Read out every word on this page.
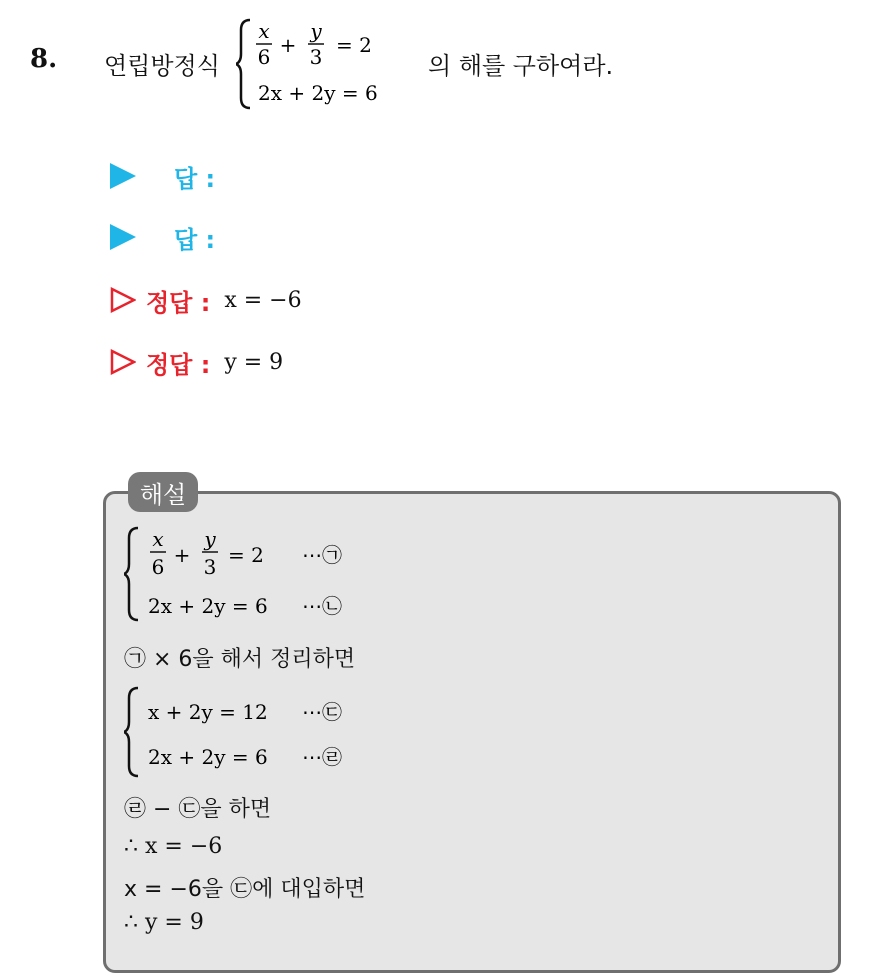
8. 연립방정식
x
6 +
y
3 = 2
2x + 2y = 6
의 해를 구하여라.
답 :
답 :
정답 : x = −6
정답 : y = 9
해설
x
6 +
y
3 = 2 ⋯㉠
2x + 2y = 6 ⋯㉡
㉠ × 6을 해서 정리하면
x + 2y = 12 ⋯㉢
2x + 2y = 6 ⋯㉣
㉣ − ㉢을 하면
∴ x = −6
x = −6을 ㉢에 대입하면
∴ y = 9
